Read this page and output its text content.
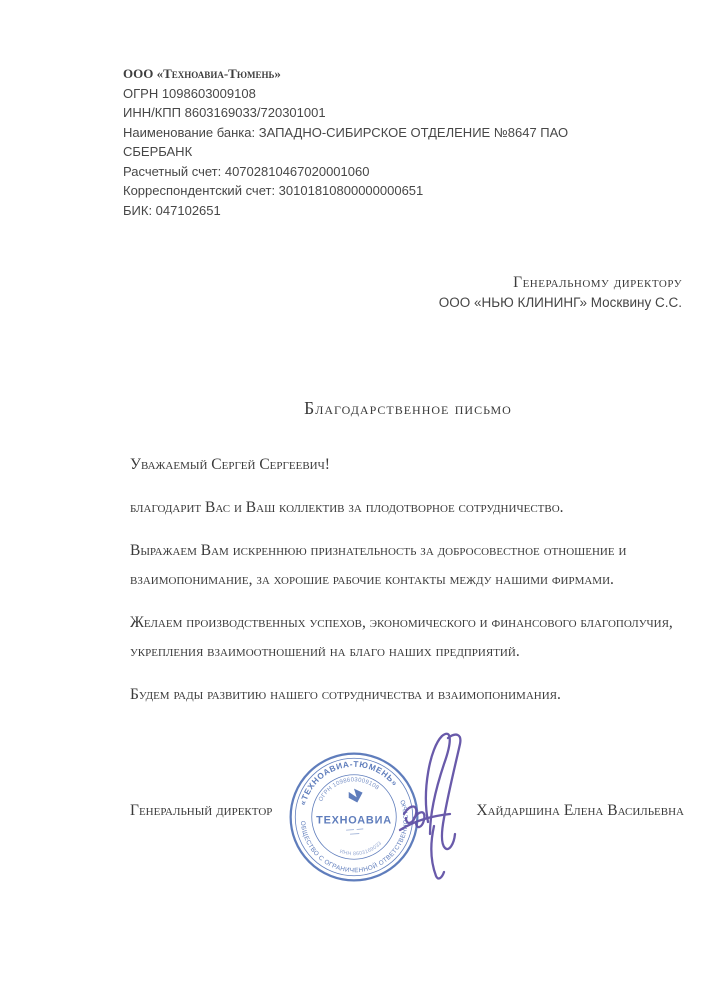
ООО «Техноавиа-Тюмень»
ОГРН 1098603009108
ИНН/КПП 8603169033/720301001
Наименование банка: ЗАПАДНО-СИБИРСКОЕ ОТДЕЛЕНИЕ №8647 ПАО СБЕРБАНК
Расчетный счет: 40702810467020001060
Корреспондентский счет: 30101810800000000651
БИК: 047102651
Генеральному директору
ООО «НЬЮ КЛИНИНГ» Москвину С.С.
Благодарственное письмо

Уважаемый Сергей Сергеевич!

благодарит Вас и Ваш коллектив за плодотворное сотрудничество.

Выражаем Вам искреннюю признательность за добросовестное отношение и взаимопонимание, за хорошие рабочие контакты между нашими фирмами.

Желаем производственных успехов, экономического и финансового благополучия, укрепления взаимоотношений на благо наших предприятий.

Будем рады развитию нашего сотрудничества и взаимопонимания.

Генеральный директор	Хайдаршина Елена Васильевна
«ТЕХНОАВИА-ТЮМЕНЬ»
ОБЩЕСТВО С ОГРАНИЧЕННОЙ ОТВЕТСТВЕННОСТЬЮ
ОГРН 1098603009108
ИНН 8603169033
ТЕХНОАВИА
